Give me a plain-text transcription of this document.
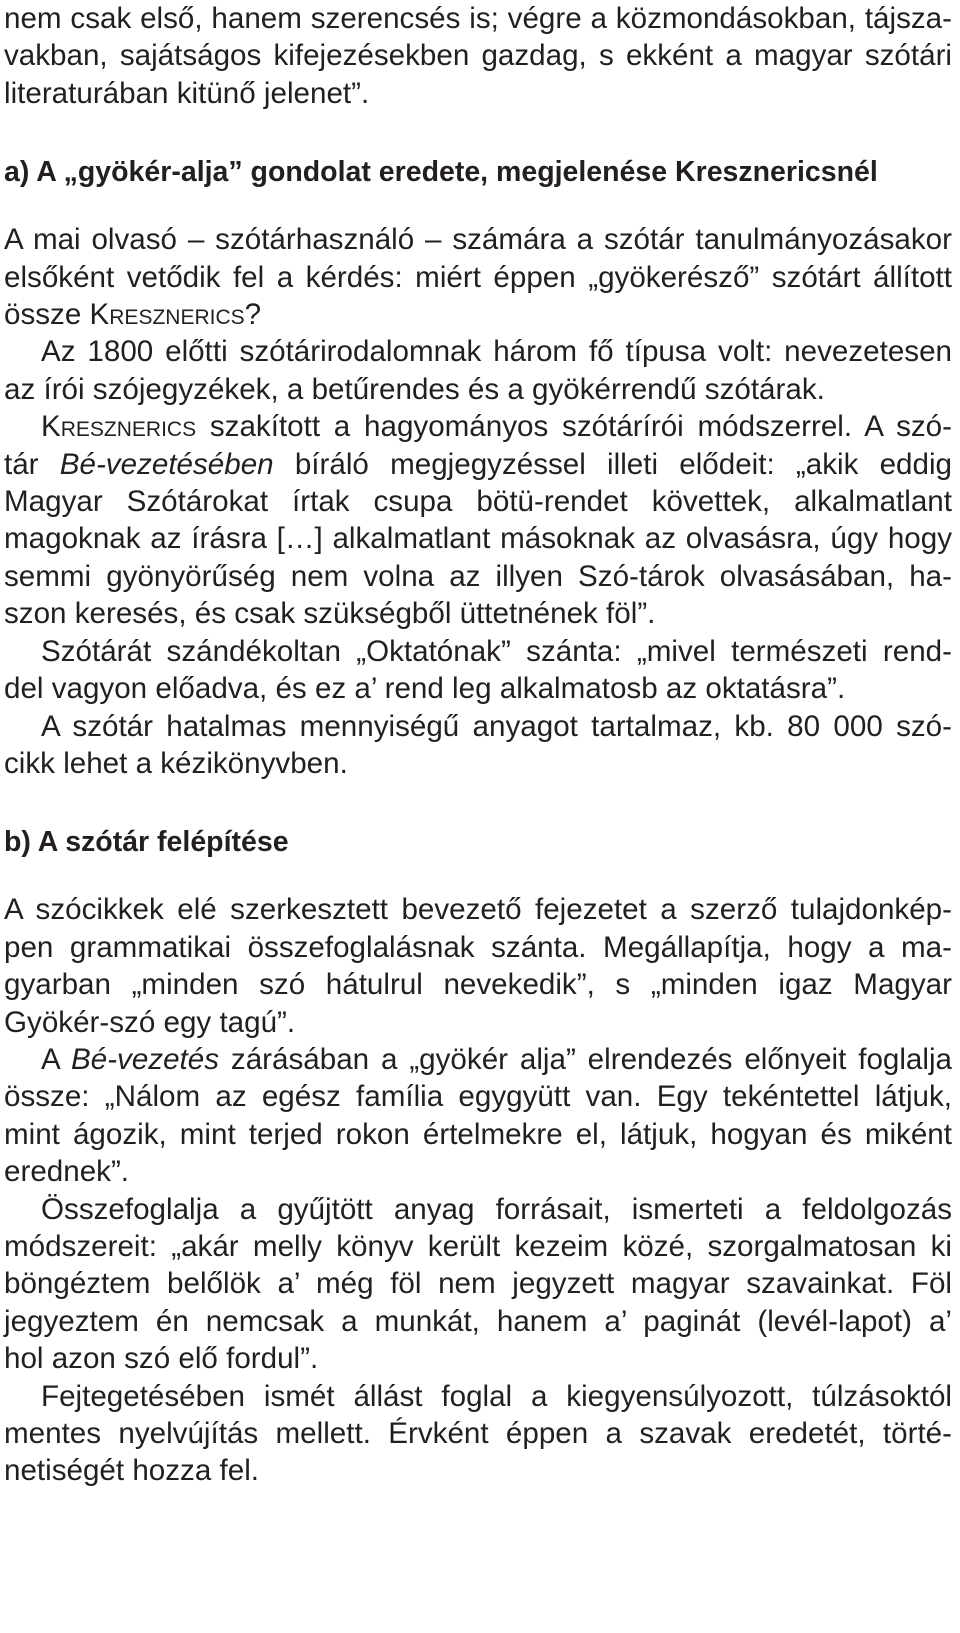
nem csak első, hanem szerencsés is; végre a közmondásokban, tájsza-

vakban, sajátságos kifejezésekben gazdag, s ekként a magyar szótári

literaturában kitünő jelenet”.

a) A „gyökér-alja” gondolat eredete, megjelenése Kresznericsnél

A mai olvasó – szótárhasználó – számára a szótár tanulmányozásakor

elsőként vetődik fel a kérdés: miért éppen „gyökerésző” szótárt állított

össze Kresznerics?

Az 1800 előtti szótárirodalomnak három fő típusa volt: nevezetesen

az írói szójegyzékek, a betűrendes és a gyökérrendű szótárak.

Kresznerics szakított a hagyományos szótárírói módszerrel. A szó-

tár Bé-vezetésében bíráló megjegyzéssel illeti elődeit: „akik eddig

Magyar Szótárokat írtak csupa bötü-rendet követtek, alkalmatlant

magoknak az írásra […] alkalmatlant másoknak az olvasásra, úgy hogy

semmi gyönyörűség nem volna az illyen Szó-tárok olvasásában, ha-

szon keresés, és csak szükségből üttetnének föl”.

Szótárát szándékoltan „Oktatónak” szánta: „mivel természeti rend-

del vagyon előadva, és ez a’ rend leg alkalmatosb az oktatásra”.

A szótár hatalmas mennyiségű anyagot tartalmaz, kb. 80 000 szó-

cikk lehet a kézikönyvben.

b) A szótár felépítése

A szócikkek elé szerkesztett bevezető fejezetet a szerző tulajdonkép-

pen grammatikai összefoglalásnak szánta. Megállapítja, hogy a ma-

gyarban „minden szó hátulrul nevekedik”, s „minden igaz Magyar

Gyökér-szó egy tagú”.

A Bé-vezetés zárásában a „gyökér alja” elrendezés előnyeit foglalja

össze: „Nálom az egész família egygyütt van. Egy tekéntettel látjuk,

mint ágozik, mint terjed rokon értelmekre el, látjuk, hogyan és miként

erednek”.

Összefoglalja a gyűjtött anyag forrásait, ismerteti a feldolgozás

módszereit: „akár melly könyv került kezeim közé, szorgalmatosan ki

böngéztem belőlök a’ még föl nem jegyzett magyar szavainkat. Föl

jegyeztem én nemcsak a munkát, hanem a’ paginát (levél-lapot) a’

hol azon szó elő fordul”.

Fejtegetésében ismét állást foglal a kiegyensúlyozott, túlzásoktól

mentes nyelvújítás mellett. Érvként éppen a szavak eredetét, törté-

netiségét hozza fel.
